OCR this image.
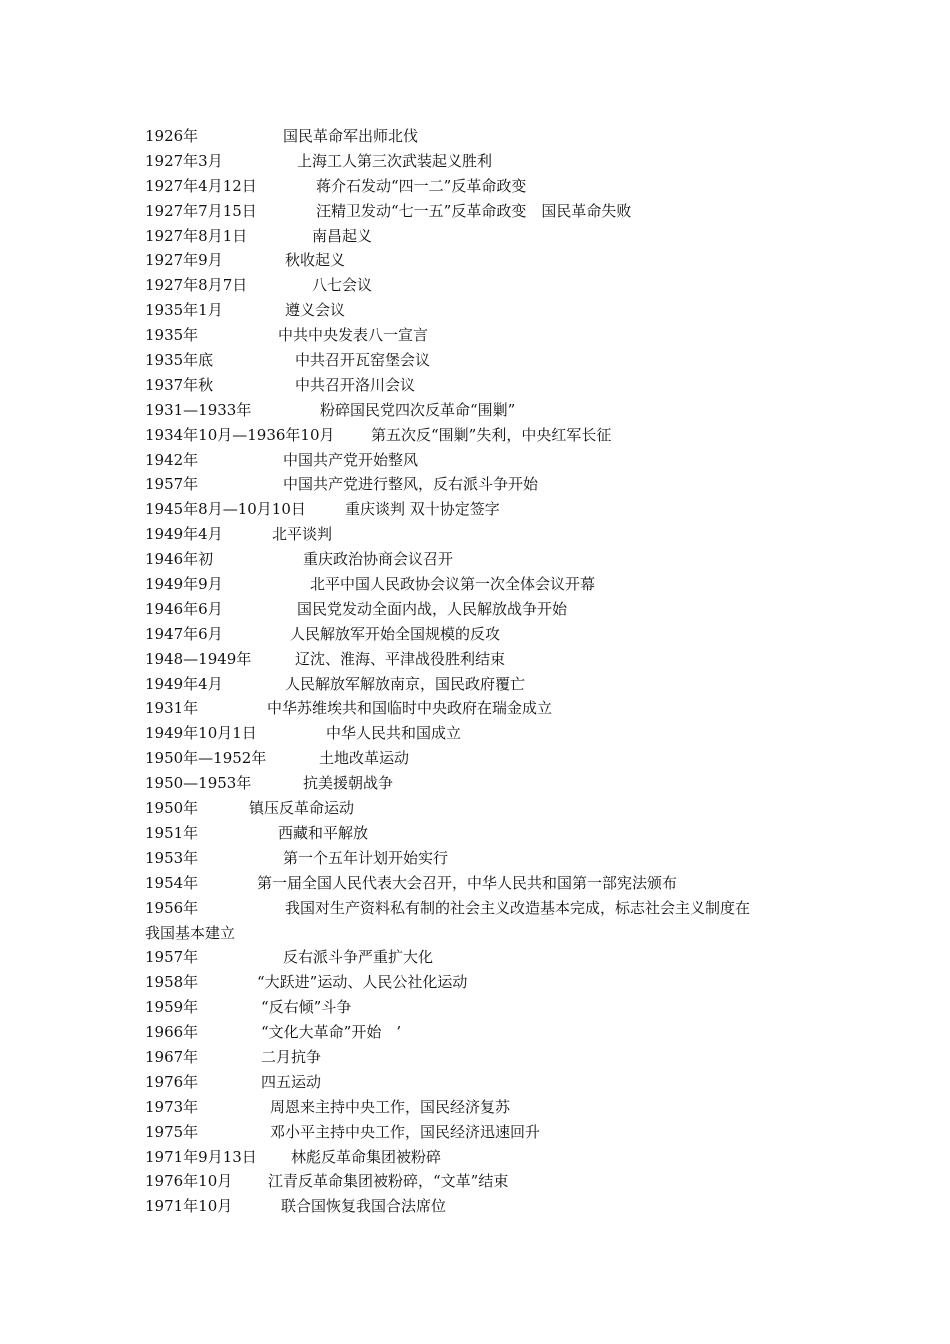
1926年	国民革命军出师北伐
1927年3月	上海工人第三次武装起义胜利
1927年4月12日	蒋介石发动“四一二”反革命政变
1927年7月15日	汪精卫发动“七一五”反革命政变　国民革命失败
1927年8月1日	南昌起义
1927年9月	秋收起义
1927年8月7日	八七会议
1935年1月	遵义会议
1935年	中共中央发表八一宣言
1935年底	中共召开瓦窑堡会议
1937年秋	中共召开洛川会议
1931—1933年	粉碎国民党四次反革命“围剿”
1934年10月—1936年10月 第五次反“围剿”失利，中央红军长征
1942年	中国共产党开始整风
1957年	中国共产党进行整风，反右派斗争开始
1945年8月—10月10日	重庆谈判 双十协定签字
1949年4月	北平谈判
1946年初	重庆政治协商会议召开
1949年9月	北平中国人民政协会议第一次全体会议开幕
1946年6月	国民党发动全面内战，人民解放战争开始
1947年6月	人民解放军开始全国规模的反攻
1948—1949年	辽沈、淮海、平津战役胜利结束
1949年4月	人民解放军解放南京，国民政府覆亡
1931年	中华苏维埃共和国临时中央政府在瑞金成立
1949年10月1日	中华人民共和国成立
1950年—1952年	土地改革运动
1950—1953年	抗美援朝战争
1950年	镇压反革命运动
1951年	西藏和平解放
1953年	第一个五年计划开始实行
1954年	第一届全国人民代表大会召开，中华人民共和国第一部宪法颁布
1956年	我国对生产资料私有制的社会主义改造基本完成，标志社会主义制度在
我国基本建立
1957年	反右派斗争严重扩大化
1958年	“大跃进”运动、人民公社化运动
1959年	“反右倾”斗争
1966年	“文化大革命”开始　’
1967年	二月抗争
1976年	四五运动
1973年	周恩来主持中央工作，国民经济复苏
1975年	邓小平主持中央工作，国民经济迅速回升
1971年9月13日 林彪反革命集团被粉碎
1976年10月 江青反革命集团被粉碎，“文革”结束
1971年10月	联合国恢复我国合法席位
